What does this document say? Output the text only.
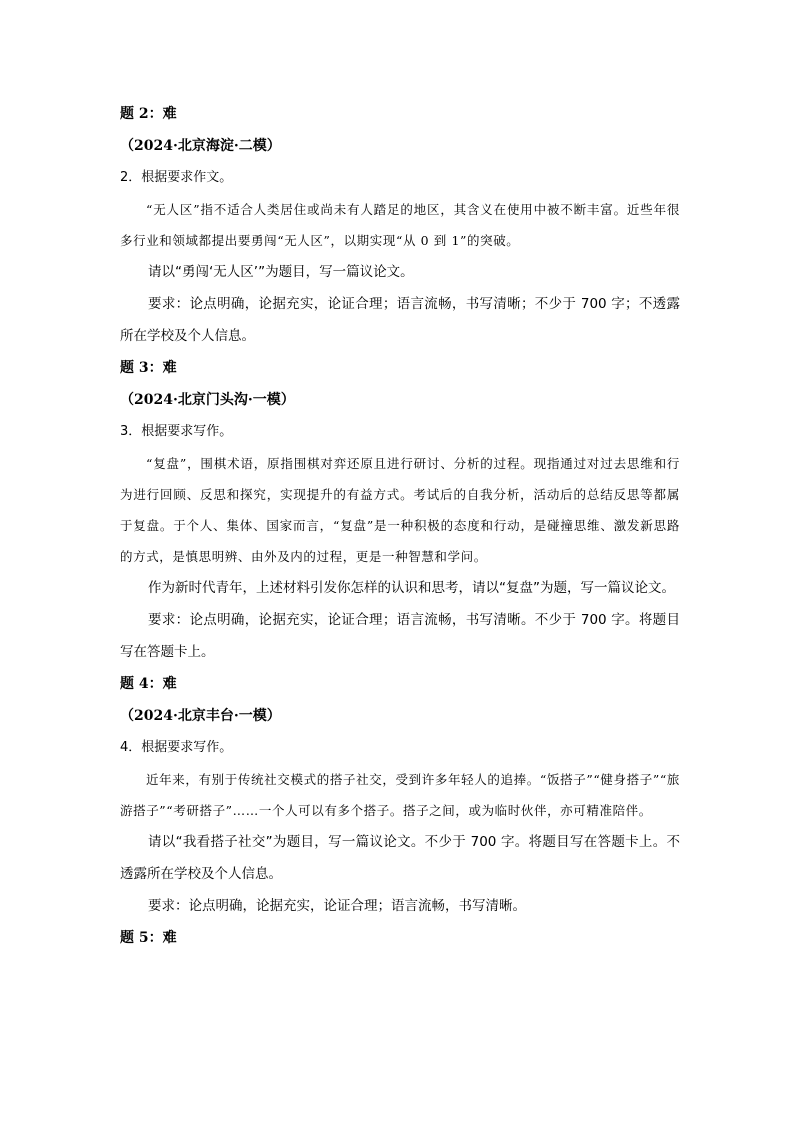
题 2：难
（2024·北京海淀·二模）
2．根据要求作文。

“无人区”指不适合人类居住或尚未有人踏足的地区，其含义在使用中被不断丰富。近些年很多行业和领域都提出要勇闯“无人区”，以期实现“从 0 到 1”的突破。

请以“勇闯‘无人区’”为题目，写一篇议论文。

要求：论点明确，论据充实，论证合理；语言流畅，书写清晰；不少于 700 字；不透露所在学校及个人信息。

题 3：难
（2024·北京门头沟·一模）
3．根据要求写作。

“复盘”，围棋术语，原指围棋对弈还原且进行研讨、分析的过程。现指通过对过去思维和行为进行回顾、反思和探究，实现提升的有益方式。考试后的自我分析，活动后的总结反思等都属于复盘。于个人、集体、国家而言，“复盘”是一种积极的态度和行动，是碰撞思维、激发新思路的方式，是慎思明辨、由外及内的过程，更是一种智慧和学问。

作为新时代青年，上述材料引发你怎样的认识和思考，请以“复盘”为题，写一篇议论文。

要求：论点明确，论据充实，论证合理；语言流畅，书写清晰。不少于 700 字。将题目写在答题卡上。

题 4：难
（2024·北京丰台·一模）
4．根据要求写作。

近年来，有别于传统社交模式的搭子社交，受到许多年轻人的追捧。“饭搭子”“健身搭子”“旅游搭子”“考研搭子”……一个人可以有多个搭子。搭子之间，或为临时伙伴，亦可精准陪伴。

请以“我看搭子社交”为题目，写一篇议论文。不少于 700 字。将题目写在答题卡上。不透露所在学校及个人信息。

要求：论点明确，论据充实，论证合理；语言流畅，书写清晰。

题 5：难
